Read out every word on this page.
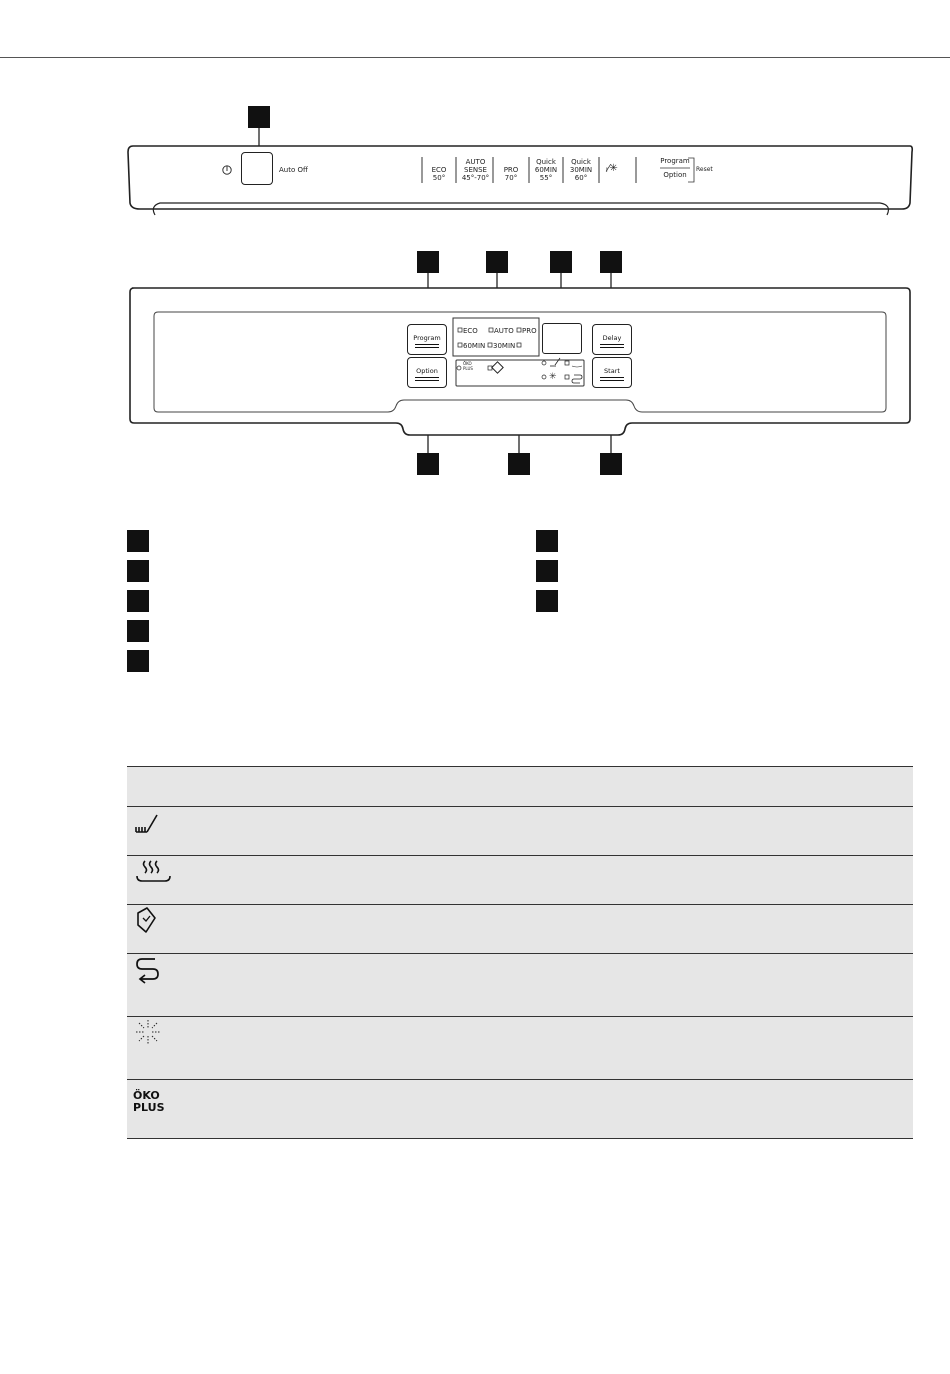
Auto Off	ECO
50°
AUTO
SENSE
45°-70°
PRO
70°
Quick
60MIN
55°
Quick
30MIN
60°
ⱼ⁄✳
Program
Option
Reset
Program
Option
Delay
Start
ECO AUTO PRO
60MIN 30MIN
ÖKO
PLUS
✳

ÖKO
PLUS
